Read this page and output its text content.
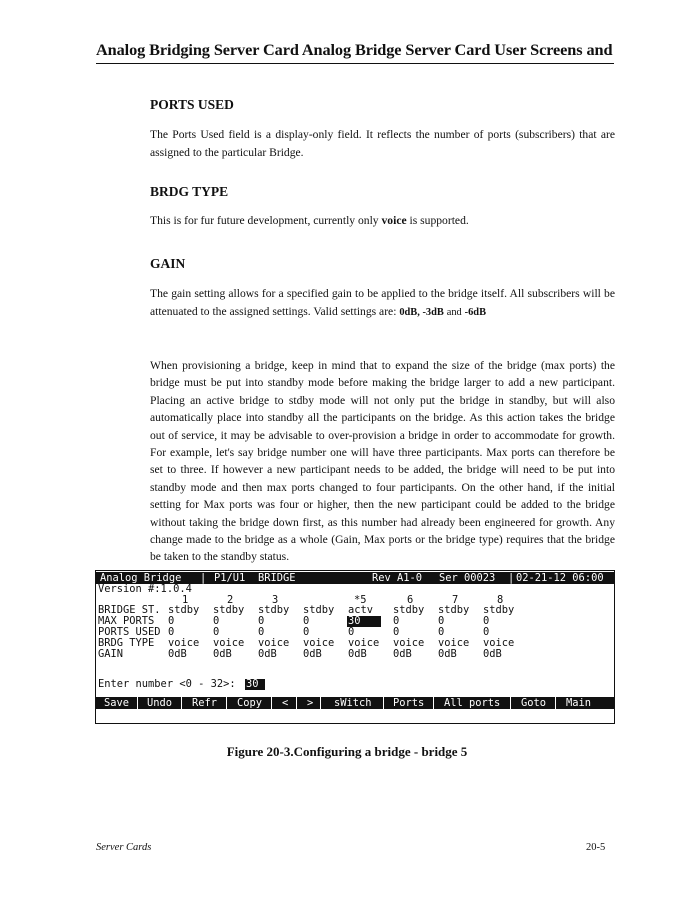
Analog Bridging Server Card Analog Bridge Server Card User Screens and
PORTS USED
The Ports Used field is a display-only field. It reflects the number of ports (subscribers) that are assigned to the particular Bridge.
BRDG TYPE
This is for fur future development, currently only voice is supported.
GAIN
The gain setting allows for a specified gain to be applied to the bridge itself. All subscribers will be attenuated to the assigned settings. Valid settings are: 0dB, -3dB and -6dB
When provisioning a bridge, keep in mind that to expand the size of the bridge (max ports) the bridge must be put into standby mode before making the bridge larger to add a new participant. Placing an active bridge to stdby mode will not only put the bridge in standby, but will also automatically place into standby all the participants on the bridge. As this action takes the bridge out of service, it may be advisable to over-provision a bridge in order to accommodate for growth. For example, let's say bridge number one will have three participants. Max ports can therefore be set to three. If however a new participant needs to be added, the bridge will need to be put into standby mode and then max ports changed to four participants. On the other hand, if the initial setting for Max ports was four or higher, then the new participant could be added to the bridge without taking the bridge down first, as this number had already been engineered for growth. Any change made to the bridge as a whole (Gain, Max ports or the bridge type) requires that the bridge be taken to the standby status.
Analog Bridge | P1/U1 BRIDGE	Rev A1-0 Ser 00023 | 02-21-12 06:00
Version #:1.0.4
1	2	3	*5	6	7	8
BRIDGE ST. stdby stdby stdby stdby actv stdby stdby stdby
MAX PORTS 0	0	0	0	30	0	0	0
PORTS USED 0	0	0	0	0	0	0	0
BRDG TYPE voice voice voice voice voice voice voice voice
GAIN	0dB	0dB	0dB	0dB	0dB	0dB	0dB	0dB
Enter number <0 - 32>: 30
Save Undo Refr Copy < > sWitch Ports All ports Goto Main
Figure 20-3.Configuring a bridge - bridge 5
Server Cards	20-5
